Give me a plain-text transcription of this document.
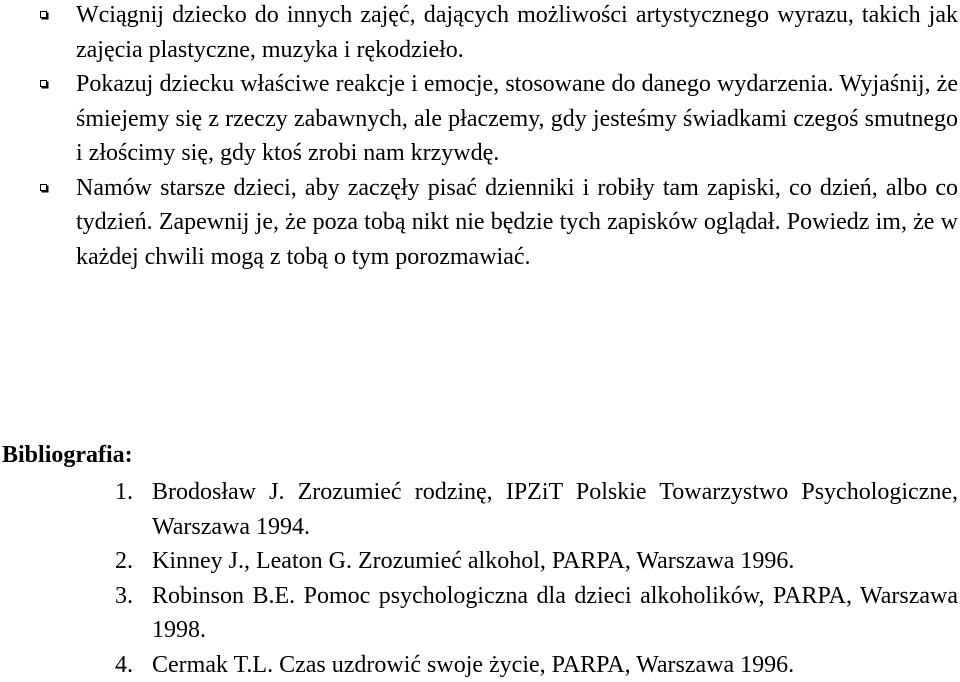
Wciągnij dziecko do innych zajęć, dających możliwości artystycznego wyrazu, takich jak zajęcia plastyczne, muzyka i rękodzieło.
Pokazuj dziecku właściwe reakcje i emocje, stosowane do danego wydarzenia. Wyjaśnij, że śmiejemy się z rzeczy zabawnych, ale płaczemy, gdy jesteśmy świadkami czegoś smutnego i złościmy się, gdy ktoś zrobi nam krzywdę.
Namów starsze dzieci, aby zaczęły pisać dzienniki i robiły tam zapiski, co dzień, albo co tydzień. Zapewnij je, że poza tobą nikt nie będzie tych zapisków oglądał. Powiedz im, że w każdej chwili mogą z tobą o tym porozmawiać.
Bibliografia:
1. Brodosław J. Zrozumieć rodzinę, IPZiT Polskie Towarzystwo Psychologiczne, Warszawa 1994.
2. Kinney J., Leaton G. Zrozumieć alkohol, PARPA, Warszawa 1996.
3. Robinson B.E. Pomoc psychologiczna dla dzieci alkoholików, PARPA, Warszawa 1998.
4. Cermak T.L. Czas uzdrowić swoje życie, PARPA, Warszawa 1996.
